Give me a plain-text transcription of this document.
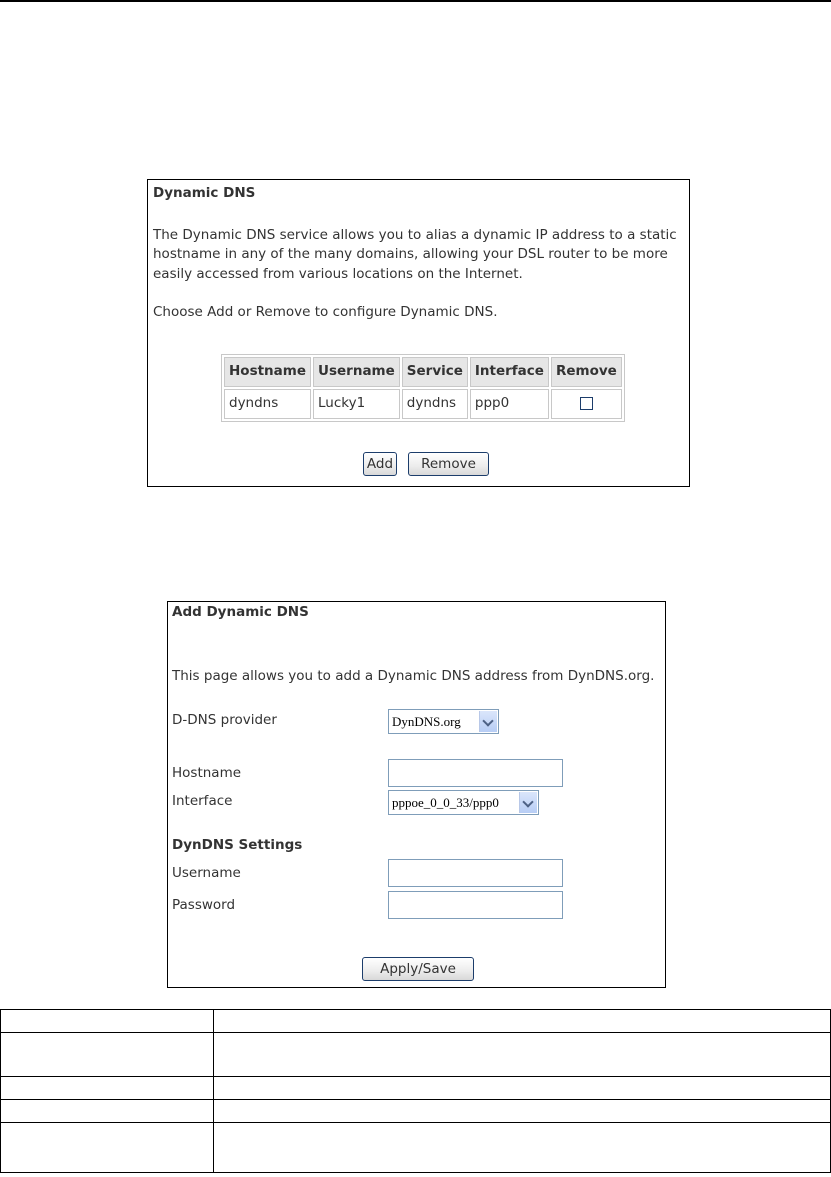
Dynamic DNS
The Dynamic DNS service allows you to alias a dynamic IP address to a static hostname in any of the many domains, allowing your DSL router to be more easily accessed from various locations on the Internet.
Choose Add or Remove to configure Dynamic DNS.
Hostname	Username	Service	Interface	Remove
dyndns	Lucky1	dyndns	ppp0	
Add	Remove
Add Dynamic DNS
This page allows you to add a Dynamic DNS address from DynDNS.org.
D-DNS provider	DynDNS.org
Hostname
Interface	pppoe_0_0_33/ppp0
DynDNS Settings
Username
Password
Apply/Save
